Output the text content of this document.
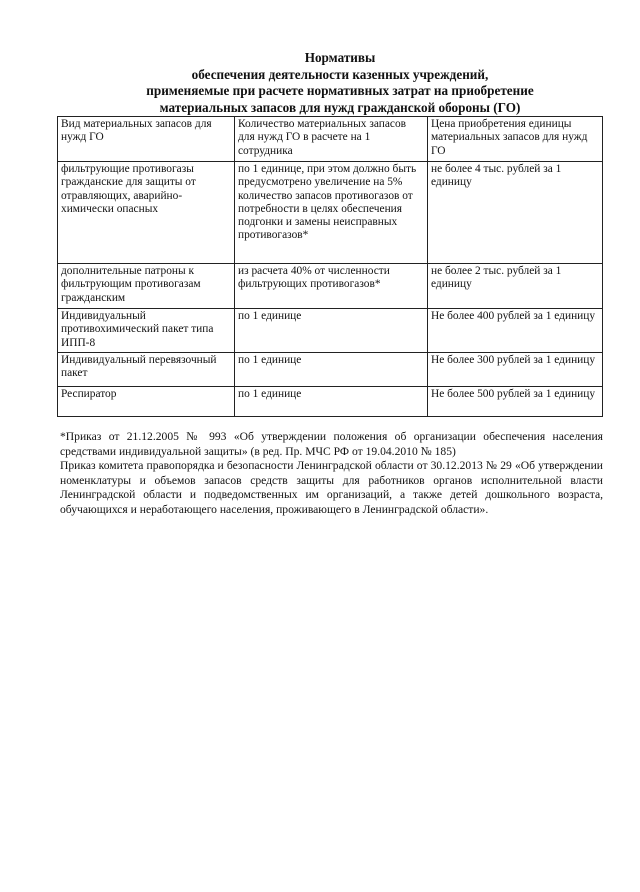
Нормативы
обеспечения деятельности казенных учреждений,
применяемые при расчете нормативных затрат на приобретение
материальных запасов для нужд гражданской обороны (ГО)
Вид материальных запасов для нужд ГО	Количество материальных запасов для нужд ГО в расчете на 1 сотрудника	Цена приобретения единицы материальных запасов для нужд ГО
фильтрующие противогазы гражданские для защиты от отравляющих, аварийно-химически опасных	по 1 единице, при этом должно быть предусмотрено увеличение на 5% количество запасов противогазов от потребности в целях обеспечения подгонки и замены неисправных противогазов*	не более 4 тыс. рублей за 1 единицу
дополнительные патроны к фильтрующим противогазам гражданским	из расчета 40% от численности фильтрующих противогазов*	не более 2 тыс. рублей за 1 единицу
Индивидуальный противохимический пакет типа ИПП-8	по 1 единице	Не более 400 рублей за 1 единицу
Индивидуальный перевязочный пакет	по 1 единице	Не более 300 рублей за 1 единицу
Респиратор	по 1 единице	Не более 500 рублей за 1 единицу

*Приказ от 21.12.2005 № 993 «Об утверждении положения об организации обеспечения населения средствами индивидуальной защиты» (в ред. Пр. МЧС РФ от 19.04.2010 № 185)

Приказ комитета правопорядка и безопасности Ленинградской области от 30.12.2013 № 29 «Об утверждении номенклатуры и объемов запасов средств защиты для работников органов исполнительной власти Ленинградской области и подведомственных им организаций, а также детей дошкольного возраста, обучающихся и неработающего населения, проживающего в Ленинградской области».
